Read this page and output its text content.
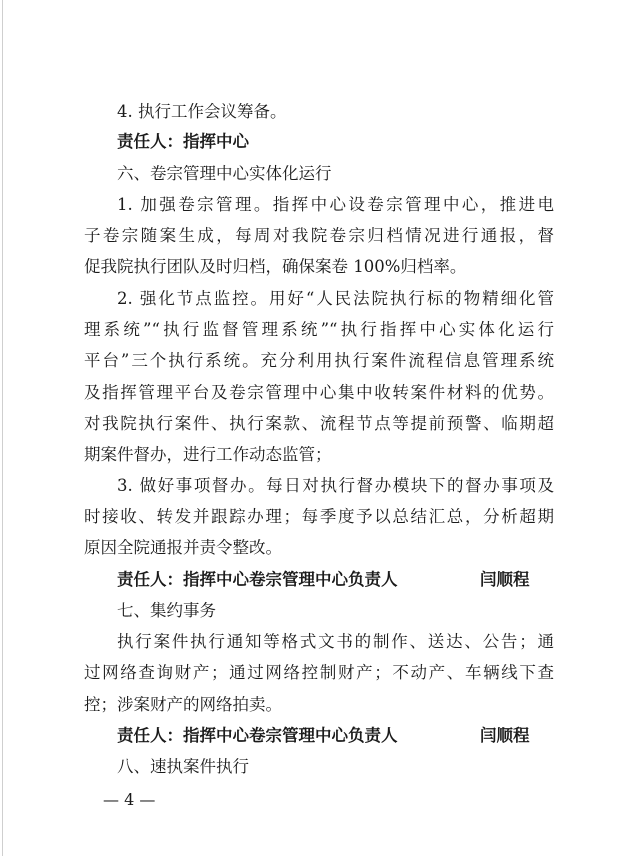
4. 执行工作会议筹备。
责任人：指挥中心
六、卷宗管理中心实体化运行
1. 加强卷宗管理。指挥中心设卷宗管理中心，推进电
子卷宗随案生成，每周对我院卷宗归档情况进行通报，督
促我院执行团队及时归档，确保案卷 100%归档率。
2. 强化节点监控。用好“人民法院执行标的物精细化管
理系统”“执行监督管理系统”“执行指挥中心实体化运行
平台”三个执行系统。充分利用执行案件流程信息管理系统
及指挥管理平台及卷宗管理中心集中收转案件材料的优势。
对我院执行案件、执行案款、流程节点等提前预警、临期超
期案件督办，进行工作动态监管；
3. 做好事项督办。每日对执行督办模块下的督办事项及
时接收、转发并跟踪办理；每季度予以总结汇总，分析超期
原因全院通报并责令整改。
责任人：指挥中心卷宗管理中心负责人	闫顺程
七、集约事务
执行案件执行通知等格式文书的制作、送达、公告；通
过网络查询财产；通过网络控制财产；不动产、车辆线下查
控；涉案财产的网络拍卖。
责任人：指挥中心卷宗管理中心负责人	闫顺程
八、速执案件执行
— 4 —
